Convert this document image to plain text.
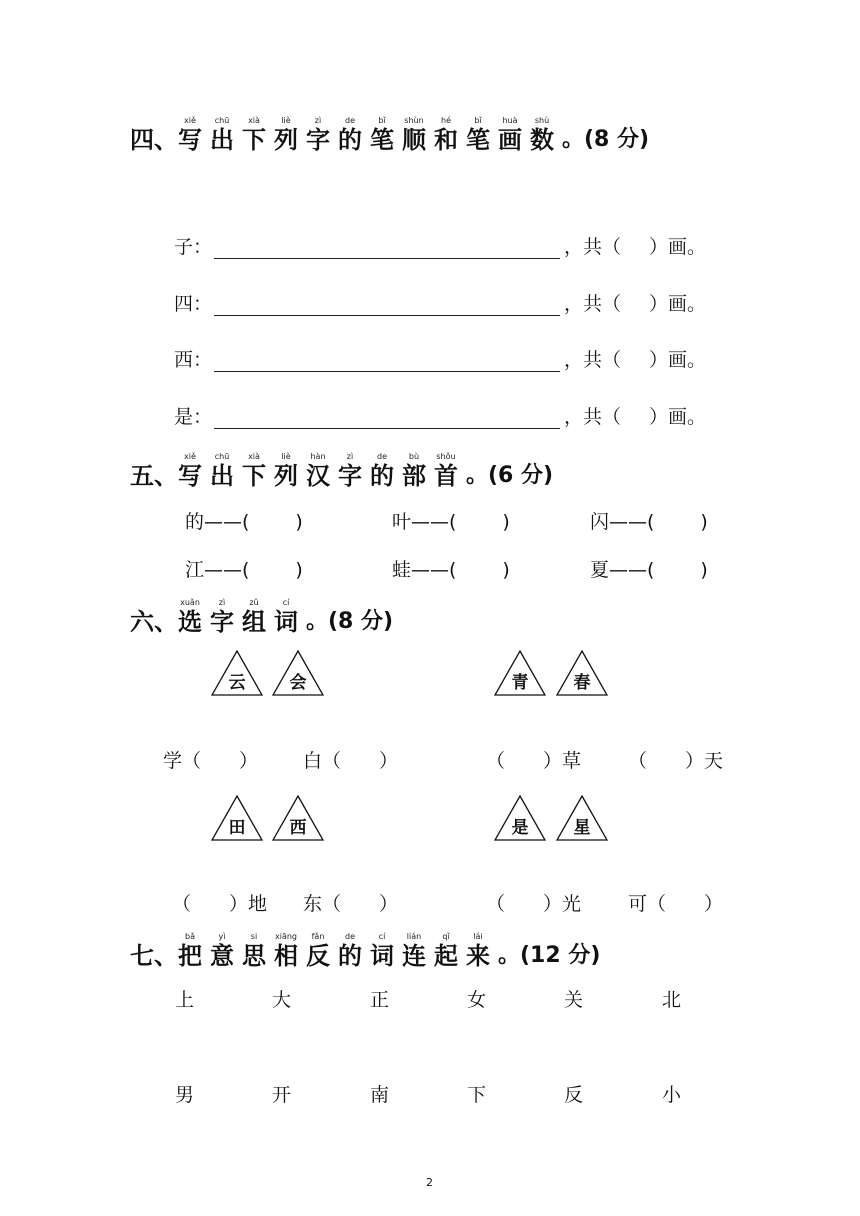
四、
xiě
写
chū
出
xià
下
liè
列
zì
字
de
的
bǐ
笔
shùn
顺
hé
和
bǐ
笔
huà
画
shù
数 。(8 分)
子：	，共（ ）画。
四：	，共（ ）画。
西：	，共（ ）画。
是：	，共（ ）画。
五、
xiě
写
chū
出
xià
下
liè
列
hàn
汉
zì
字
de
的
bù
部
shǒu
首 。(6 分)
的——( )	叶——( )	闪——( )
江——( )	蛙——( )	夏——( )
六、
xuǎn
选
zì
字
zǔ
组
cí
词 。(8 分)
云	会	青	春
田	西	是	星
学（　　） 白（　　）	（　　）草 （　　）天
（　　）地 东（　　）	（　　）光 可（　　）
七、
bǎ
把
yì
意
si
思
xiāng
相
fǎn
反
de
的
cí
词
lián
连
qǐ
起
lái
来 。(12 分)
上	大	正	女	关	北
男	开	南	下	反	小
2
